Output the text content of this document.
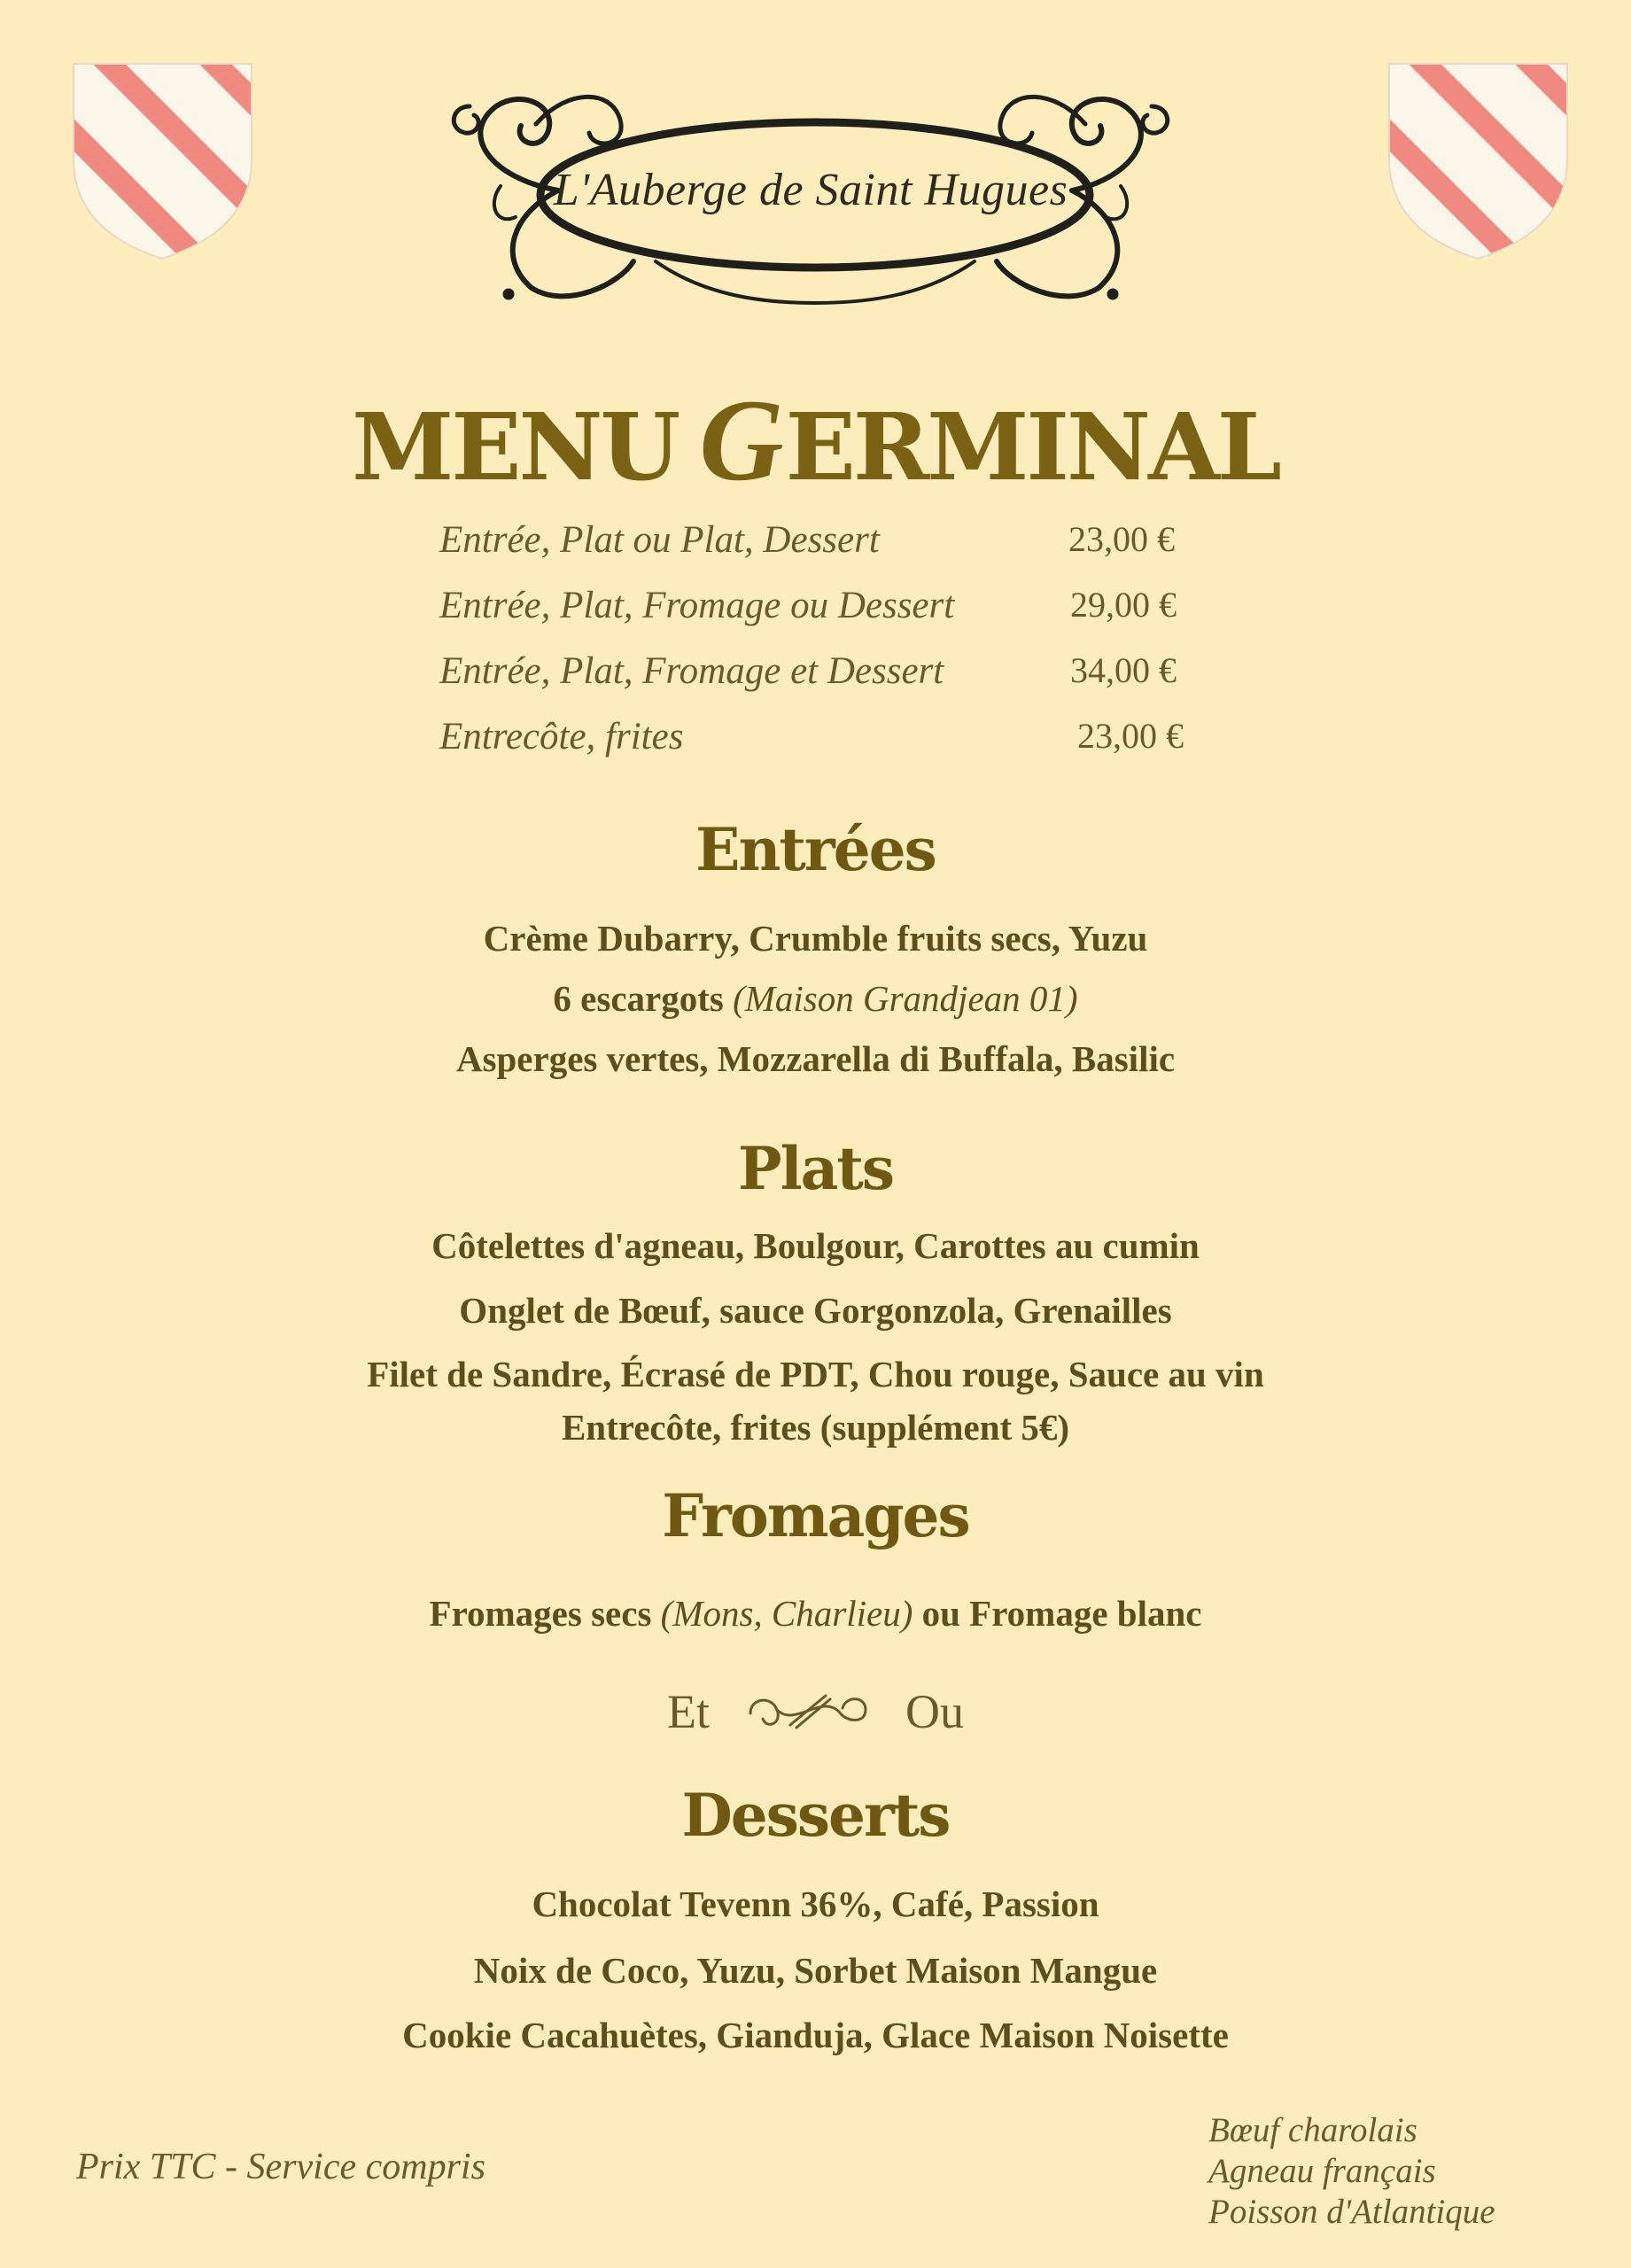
L'Auberge de Saint Hugues
MENU GERMINAL
Entrée, Plat ou Plat, Dessert	23,00 €
Entrée, Plat, Fromage ou Dessert	29,00 €
Entrée, Plat, Fromage et Dessert	34,00 €
Entrecôte, frites	23,00 €
Entrées
Crème Dubarry, Crumble fruits secs, Yuzu
6 escargots (Maison Grandjean 01)
Asperges vertes, Mozzarella di Buffala, Basilic
Plats
Côtelettes d'agneau, Boulgour, Carottes au cumin
Onglet de Bœuf, sauce Gorgonzola, Grenailles
Filet de Sandre, Écrasé de PDT, Chou rouge, Sauce au vin
Entrecôte, frites (supplément 5€)
Fromages
Fromages secs (Mons, Charlieu) ou Fromage blanc
Et	Ou
Desserts
Chocolat Tevenn 36%, Café, Passion
Noix de Coco, Yuzu, Sorbet Maison Mangue
Cookie Cacahuètes, Gianduja, Glace Maison Noisette
Prix TTC - Service compris
Bœuf charolais
Agneau français
Poisson d'Atlantique
